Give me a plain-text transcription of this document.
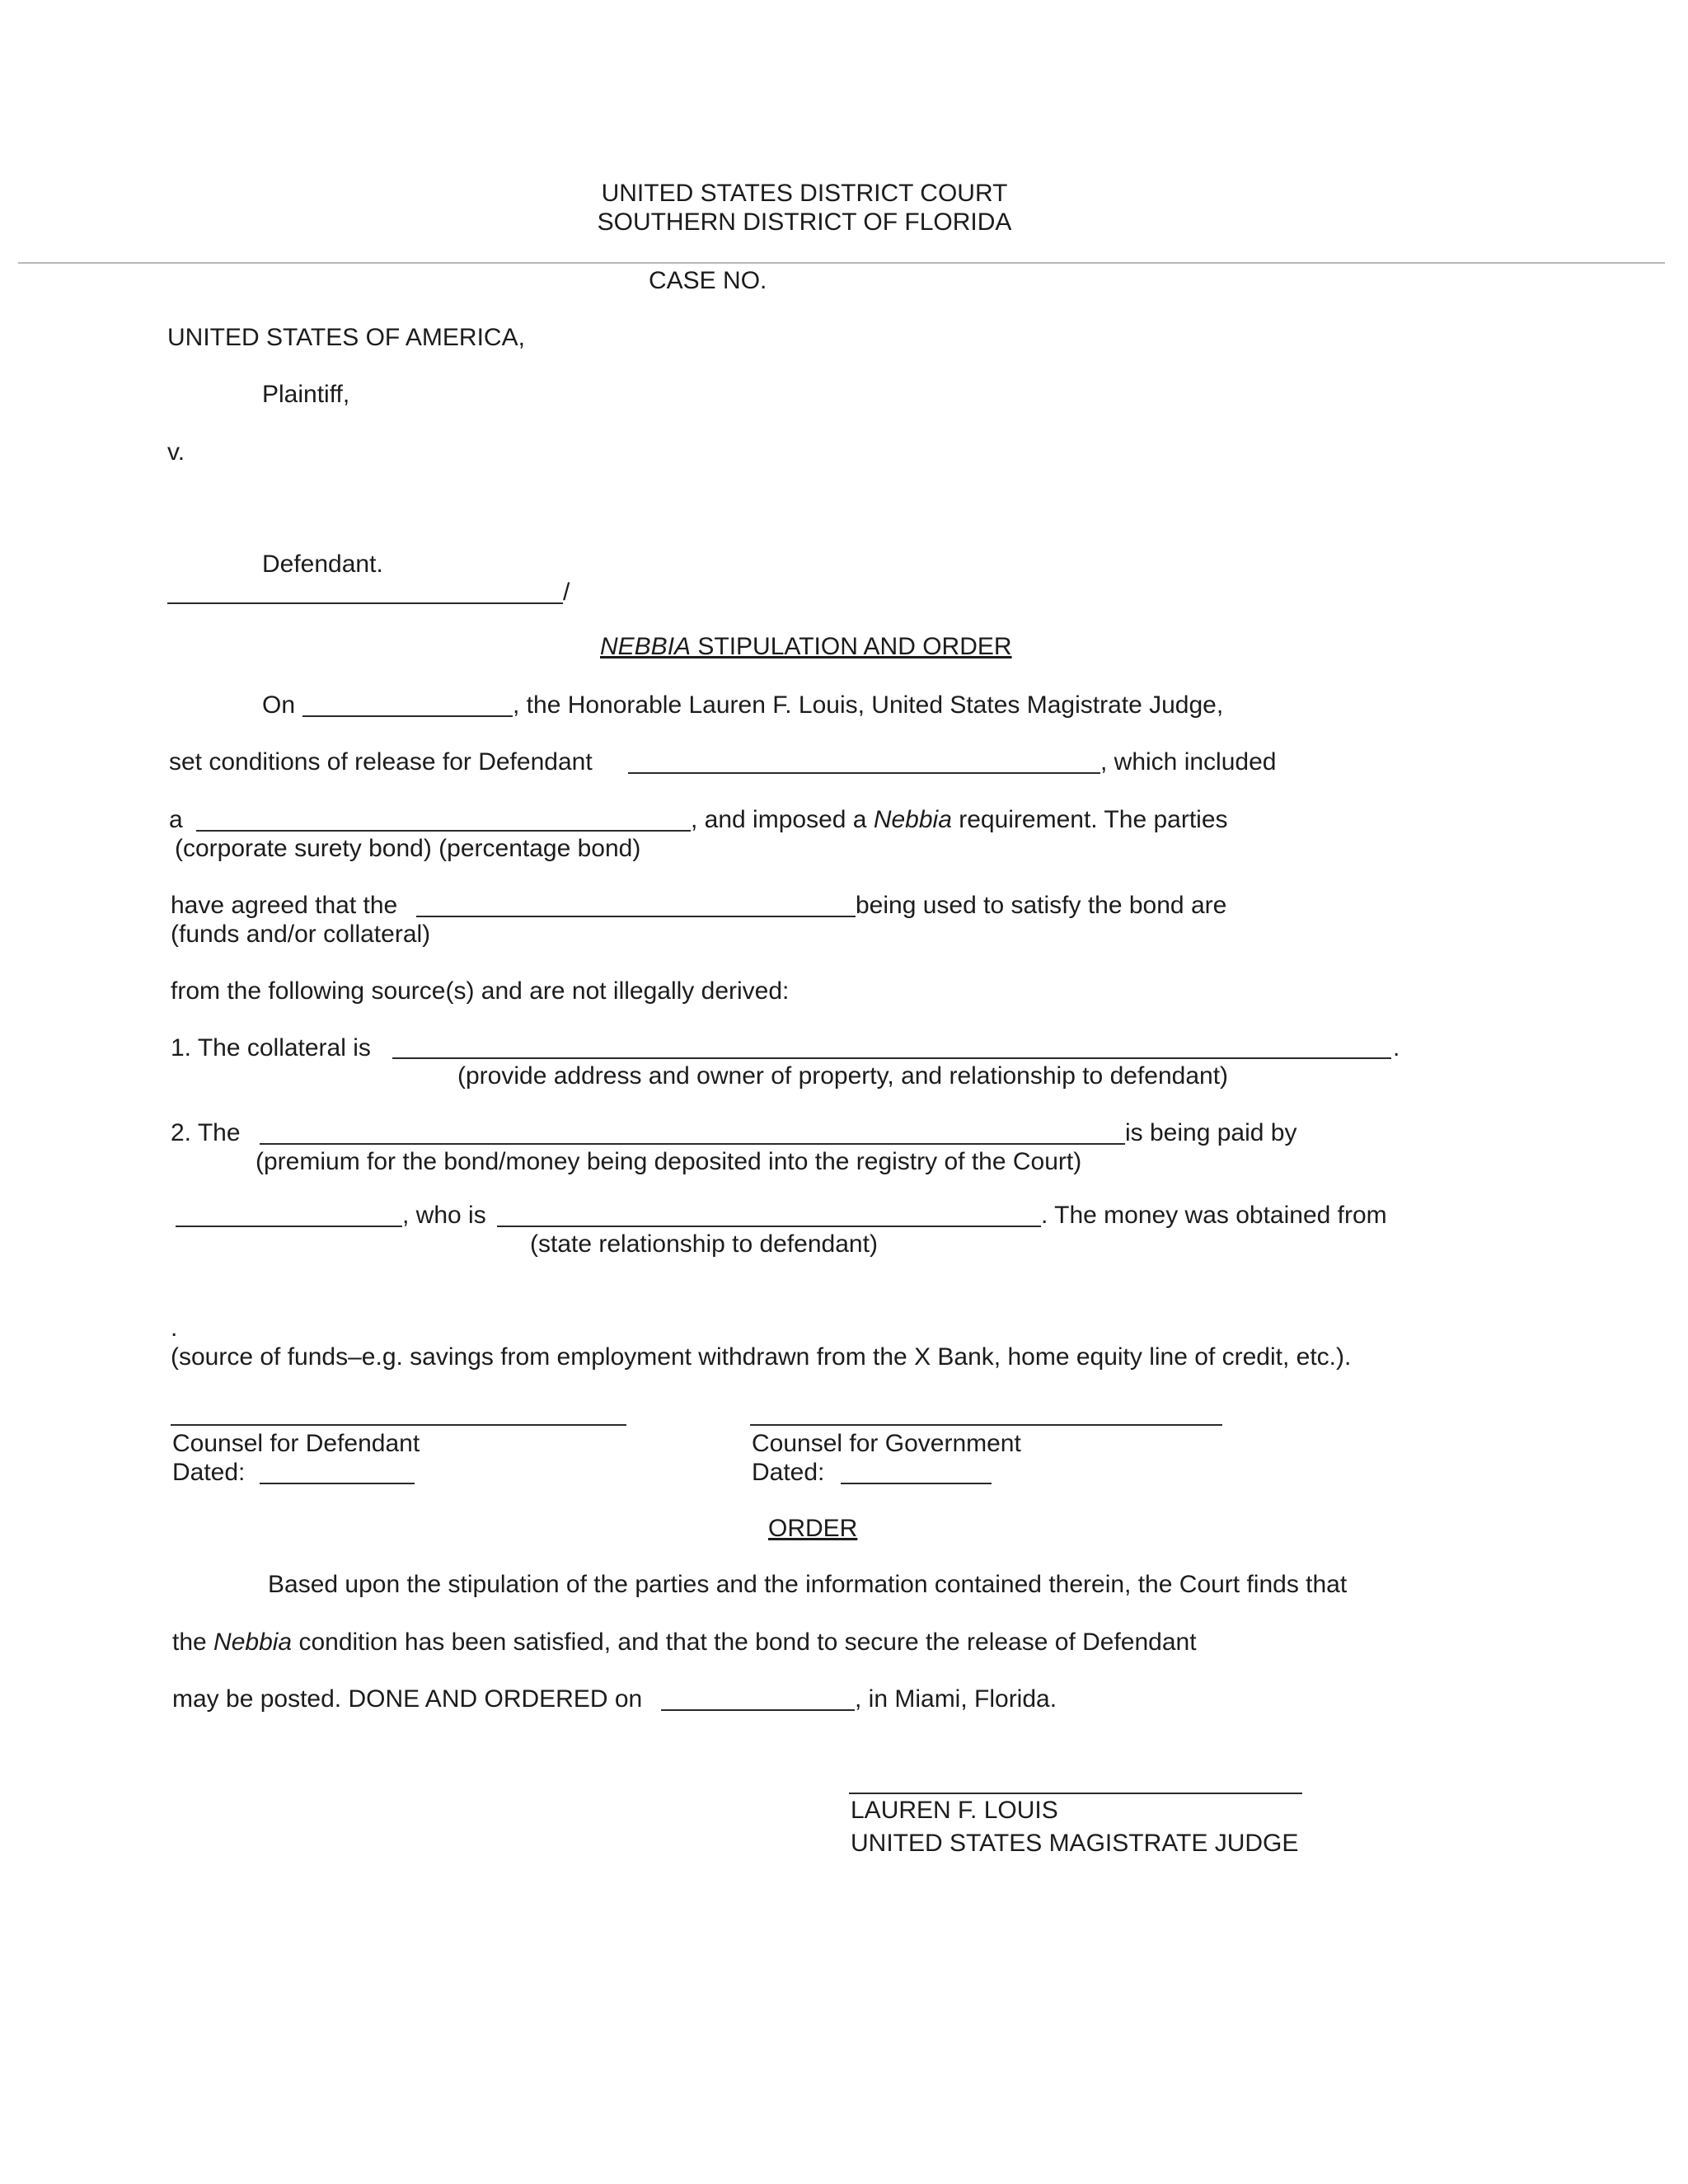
UNITED STATES DISTRICT COURT
SOUTHERN DISTRICT OF FLORIDA
CASE NO.
UNITED STATES OF AMERICA,
Plaintiff,
v.
Defendant.
/
NEBBIA STIPULATION AND ORDER
On	, the Honorable Lauren F. Louis, United States Magistrate Judge,
set conditions of release for Defendant	, which included
a	, and imposed a Nebbia requirement. The parties
(corporate surety bond) (percentage bond)
have agreed that the	being used to satisfy the bond are
(funds and/or collateral)
from the following source(s) and are not illegally derived:
1. The collateral is	.
(provide address and owner of property, and relationship to defendant)
2. The	is being paid by
(premium for the bond/money being deposited into the registry of the Court)
, who is	. The money was obtained from
(state relationship to defendant)
.
(source of funds–e.g. savings from employment withdrawn from the X Bank, home equity line of credit, etc.).
Counsel for Defendant
Dated:
Counsel for Government
Dated:
ORDER
Based upon the stipulation of the parties and the information contained therein, the Court finds that
the Nebbia condition has been satisfied, and that the bond to secure the release of Defendant
may be posted. DONE AND ORDERED on	, in Miami, Florida.
LAUREN F. LOUIS
UNITED STATES MAGISTRATE JUDGE
